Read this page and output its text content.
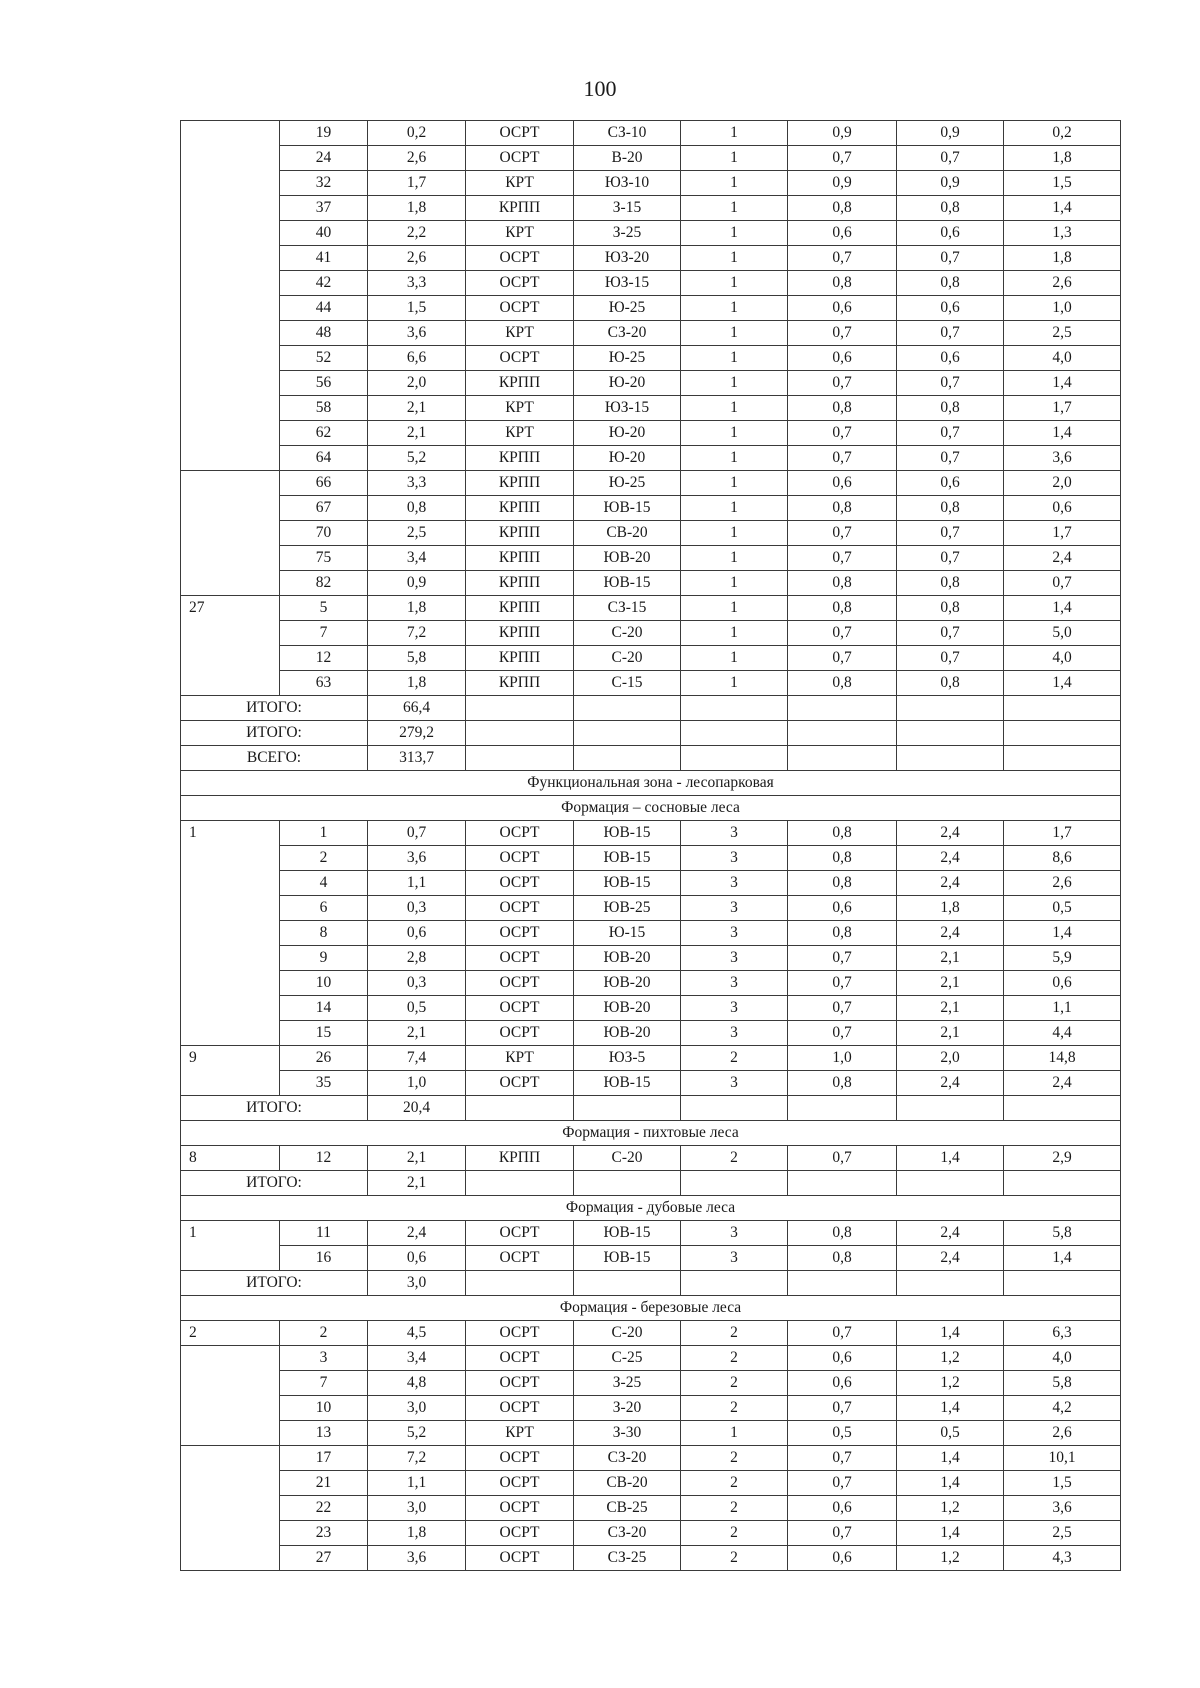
100
	19	0,2	ОСРТ	СЗ-10	1	0,9	0,9	0,2
	24	2,6	ОСРТ	В-20	1	0,7	0,7	1,8
	32	1,7	КРТ	ЮЗ-10	1	0,9	0,9	1,5
	37	1,8	КРПП	З-15	1	0,8	0,8	1,4
	40	2,2	КРТ	З-25	1	0,6	0,6	1,3
	41	2,6	ОСРТ	ЮЗ-20	1	0,7	0,7	1,8
	42	3,3	ОСРТ	ЮЗ-15	1	0,8	0,8	2,6
	44	1,5	ОСРТ	Ю-25	1	0,6	0,6	1,0
	48	3,6	КРТ	СЗ-20	1	0,7	0,7	2,5
	52	6,6	ОСРТ	Ю-25	1	0,6	0,6	4,0
	56	2,0	КРПП	Ю-20	1	0,7	0,7	1,4
	58	2,1	КРТ	ЮЗ-15	1	0,8	0,8	1,7
	62	2,1	КРТ	Ю-20	1	0,7	0,7	1,4
	64	5,2	КРПП	Ю-20	1	0,7	0,7	3,6
	66	3,3	КРПП	Ю-25	1	0,6	0,6	2,0
	67	0,8	КРПП	ЮВ-15	1	0,8	0,8	0,6
	70	2,5	КРПП	СВ-20	1	0,7	0,7	1,7
	75	3,4	КРПП	ЮВ-20	1	0,7	0,7	2,4
	82	0,9	КРПП	ЮВ-15	1	0,8	0,8	0,7
27	5	1,8	КРПП	СЗ-15	1	0,8	0,8	1,4
	7	7,2	КРПП	С-20	1	0,7	0,7	5,0
	12	5,8	КРПП	С-20	1	0,7	0,7	4,0
	63	1,8	КРПП	С-15	1	0,8	0,8	1,4
ИТОГО:		66,4						
ИТОГО:		279,2						
ВСЕГО:		313,7						
Функциональная зона - лесопарковая								
Формация – сосновые леса								
1	1	0,7	ОСРТ	ЮВ-15	3	0,8	2,4	1,7
	2	3,6	ОСРТ	ЮВ-15	3	0,8	2,4	8,6
	4	1,1	ОСРТ	ЮВ-15	3	0,8	2,4	2,6
	6	0,3	ОСРТ	ЮВ-25	3	0,6	1,8	0,5
	8	0,6	ОСРТ	Ю-15	3	0,8	2,4	1,4
	9	2,8	ОСРТ	ЮВ-20	3	0,7	2,1	5,9
	10	0,3	ОСРТ	ЮВ-20	3	0,7	2,1	0,6
	14	0,5	ОСРТ	ЮВ-20	3	0,7	2,1	1,1
	15	2,1	ОСРТ	ЮВ-20	3	0,7	2,1	4,4
9	26	7,4	КРТ	ЮЗ-5	2	1,0	2,0	14,8
	35	1,0	ОСРТ	ЮВ-15	3	0,8	2,4	2,4
ИТОГО:		20,4						
Формация - пихтовые леса								
8	12	2,1	КРПП	С-20	2	0,7	1,4	2,9
ИТОГО:		2,1						
Формация - дубовые леса								
1	11	2,4	ОСРТ	ЮВ-15	3	0,8	2,4	5,8
	16	0,6	ОСРТ	ЮВ-15	3	0,8	2,4	1,4
ИТОГО:		3,0						
Формация - березовые леса								
2	2	4,5	ОСРТ	С-20	2	0,7	1,4	6,3
	3	3,4	ОСРТ	С-25	2	0,6	1,2	4,0
	7	4,8	ОСРТ	З-25	2	0,6	1,2	5,8
	10	3,0	ОСРТ	З-20	2	0,7	1,4	4,2
	13	5,2	КРТ	З-30	1	0,5	0,5	2,6
	17	7,2	ОСРТ	СЗ-20	2	0,7	1,4	10,1
	21	1,1	ОСРТ	СВ-20	2	0,7	1,4	1,5
	22	3,0	ОСРТ	СВ-25	2	0,6	1,2	3,6
	23	1,8	ОСРТ	СЗ-20	2	0,7	1,4	2,5
	27	3,6	ОСРТ	СЗ-25	2	0,6	1,2	4,3
